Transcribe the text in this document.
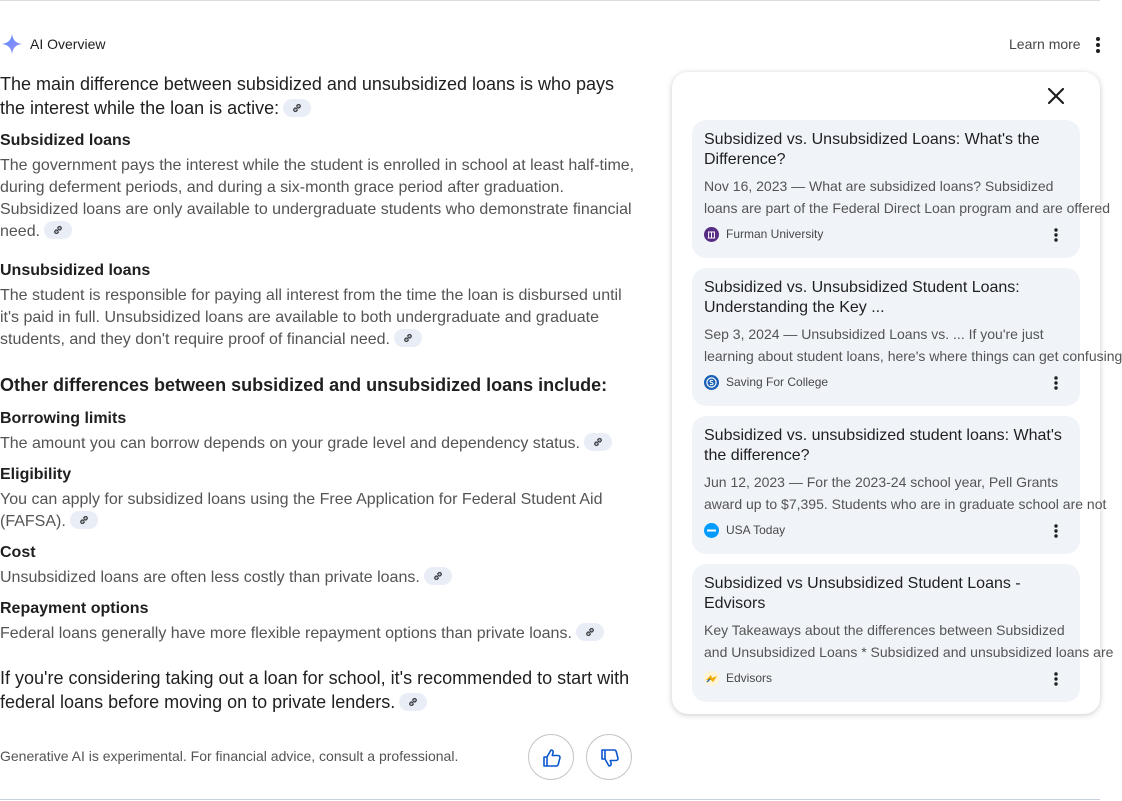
AI Overview	Learn more

The main difference between subsidized and unsubsidized loans is who pays the interest while the loan is active:

Subsidized loans

The government pays the interest while the student is enrolled in school at least half-time, during deferment periods, and during a six-month grace period after graduation. Subsidized loans are only available to undergraduate students who demonstrate financial need.

Unsubsidized loans

The student is responsible for paying all interest from the time the loan is disbursed until it's paid in full. Unsubsidized loans are available to both undergraduate and graduate students, and they don't require proof of financial need.

Other differences between subsidized and unsubsidized loans include:
Borrowing limits

The amount you can borrow depends on your grade level and dependency status.

Eligibility

You can apply for subsidized loans using the Free Application for Federal Student Aid (FAFSA).

Cost

Unsubsidized loans are often less costly than private loans.

Repayment options

Federal loans generally have more flexible repayment options than private loans.

If you're considering taking out a loan for school, it's recommended to start with federal loans before moving on to private lenders.

Generative AI is experimental. For financial advice, consult a professional.
Subsidized vs. Unsubsidized Loans: What's the Difference?
Nov 16, 2023 — What are subsidized loans? Subsidized
loans are part of the Federal Direct Loan program and are offered
Furman University
Subsidized vs. Unsubsidized Student Loans: Understanding the Key ...
Sep 3, 2024 — Unsubsidized Loans vs. ... If you're just
learning about student loans, here's where things can get confusing
Saving For College
Subsidized vs. unsubsidized student loans: What's the difference?
Jun 12, 2023 — For the 2023-24 school year, Pell Grants
award up to $7,395. Students who are in graduate school are not
USA Today
Subsidized vs Unsubsidized Student Loans - Edvisors
Key Takeaways about the differences between Subsidized
and Unsubsidized Loans * Subsidized and unsubsidized loans are
Edvisors
